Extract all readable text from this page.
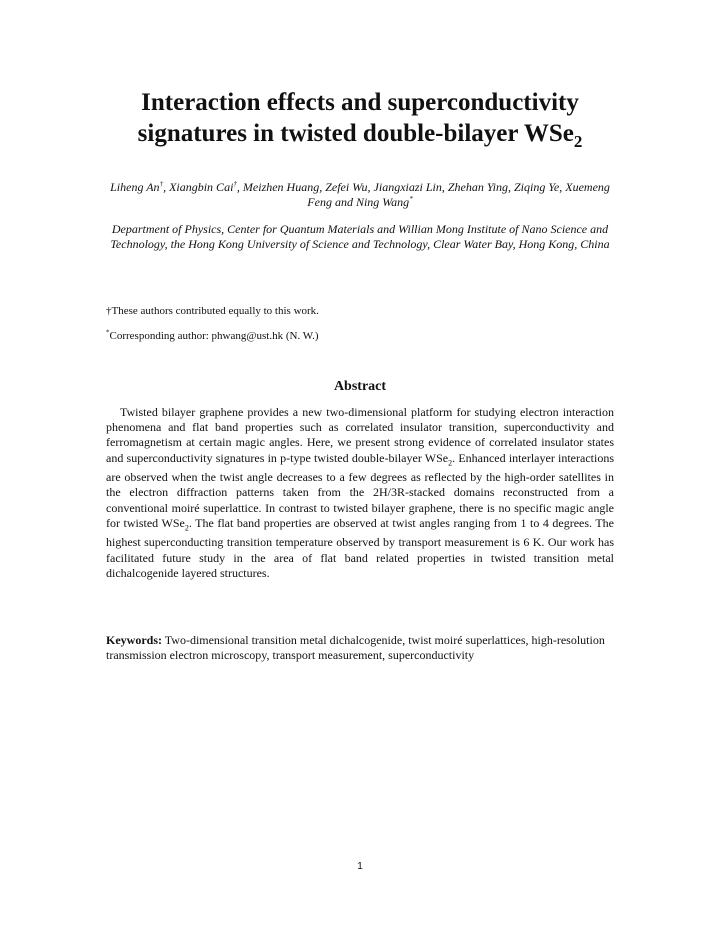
Interaction effects and superconductivity
signatures in twisted double-bilayer WSe$_2$
Liheng An†, Xiangbin Cai†, Meizhen Huang, Zefei Wu, Jiangxiazi Lin, Zhehan Ying, Ziqing Ye, Xuemeng Feng and Ning Wang*
Department of Physics, Center for Quantum Materials and Willian Mong Institute of Nano Science and Technology, the Hong Kong University of Science and Technology, Clear Water Bay, Hong Kong, China
†These authors contributed equally to this work.
*Corresponding author: phwang@ust.hk (N. W.)
Abstract

Twisted bilayer graphene provides a new two-dimensional platform for studying electron interaction phenomena and flat band properties such as correlated insulator transition, superconductivity and ferromagnetism at certain magic angles. Here, we present strong evidence of correlated insulator states and superconductivity signatures in p-type twisted double-bilayer WSe$_2$. Enhanced interlayer interactions are observed when the twist angle decreases to a few degrees as reflected by the high-order satellites in the electron diffraction patterns taken from the 2H/3R-stacked domains reconstructed from a conventional moiré superlattice. In contrast to twisted bilayer graphene, there is no specific magic angle for twisted WSe$_2$. The flat band properties are observed at twist angles ranging from 1 to 4 degrees. The highest superconducting transition temperature observed by transport measurement is 6 K. Our work has facilitated future study in the area of flat band related properties in twisted transition metal dichalcogenide layered structures.

Keywords: Two-dimensional transition metal dichalcogenide, twist moiré superlattices, high-resolution transmission electron microscopy, transport measurement, superconductivity

1
